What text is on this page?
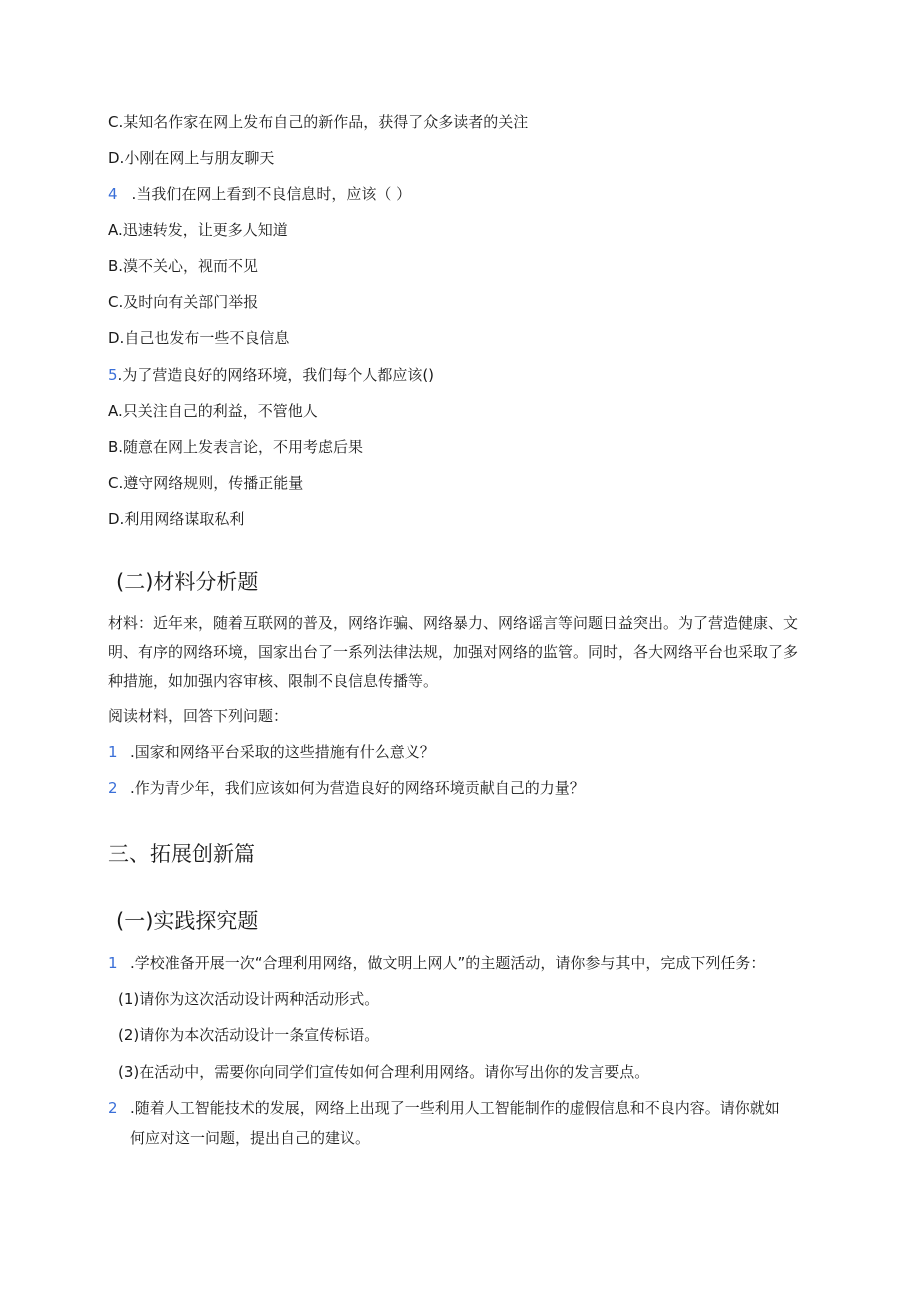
C.某知名作家在网上发布自己的新作品，获得了众多读者的关注
D.小刚在网上与朋友聊天
4 .当我们在网上看到不良信息时，应该（ ）
A.迅速转发，让更多人知道
B.漠不关心，视而不见
C.及时向有关部门举报
D.自己也发布一些不良信息
5.为了营造良好的网络环境，我们每个人都应该()
A.只关注自己的利益，不管他人
B.随意在网上发表言论，不用考虑后果
C.遵守网络规则，传播正能量
D.利用网络谋取私利
(二)材料分析题
材料：近年来，随着互联网的普及，网络诈骗、网络暴力、网络谣言等问题日益突出。为了营造健康、文明、有序的网络环境，国家出台了一系列法律法规，加强对网络的监管。同时，各大网络平台也采取了多种措施，如加强内容审核、限制不良信息传播等。
阅读材料，回答下列问题：
1 .国家和网络平台采取的这些措施有什么意义？
2 .作为青少年，我们应该如何为营造良好的网络环境贡献自己的力量？
三、拓展创新篇
(一)实践探究题
1 .学校准备开展一次“合理利用网络，做文明上网人”的主题活动，请你参与其中，完成下列任务：
(1)请你为这次活动设计两种活动形式。
(2)请你为本次活动设计一条宣传标语。
(3)在活动中，需要你向同学们宣传如何合理利用网络。请你写出你的发言要点。
2 .随着人工智能技术的发展，网络上出现了一些利用人工智能制作的虚假信息和不良内容。请你就如
何应对这一问题，提出自己的建议。
